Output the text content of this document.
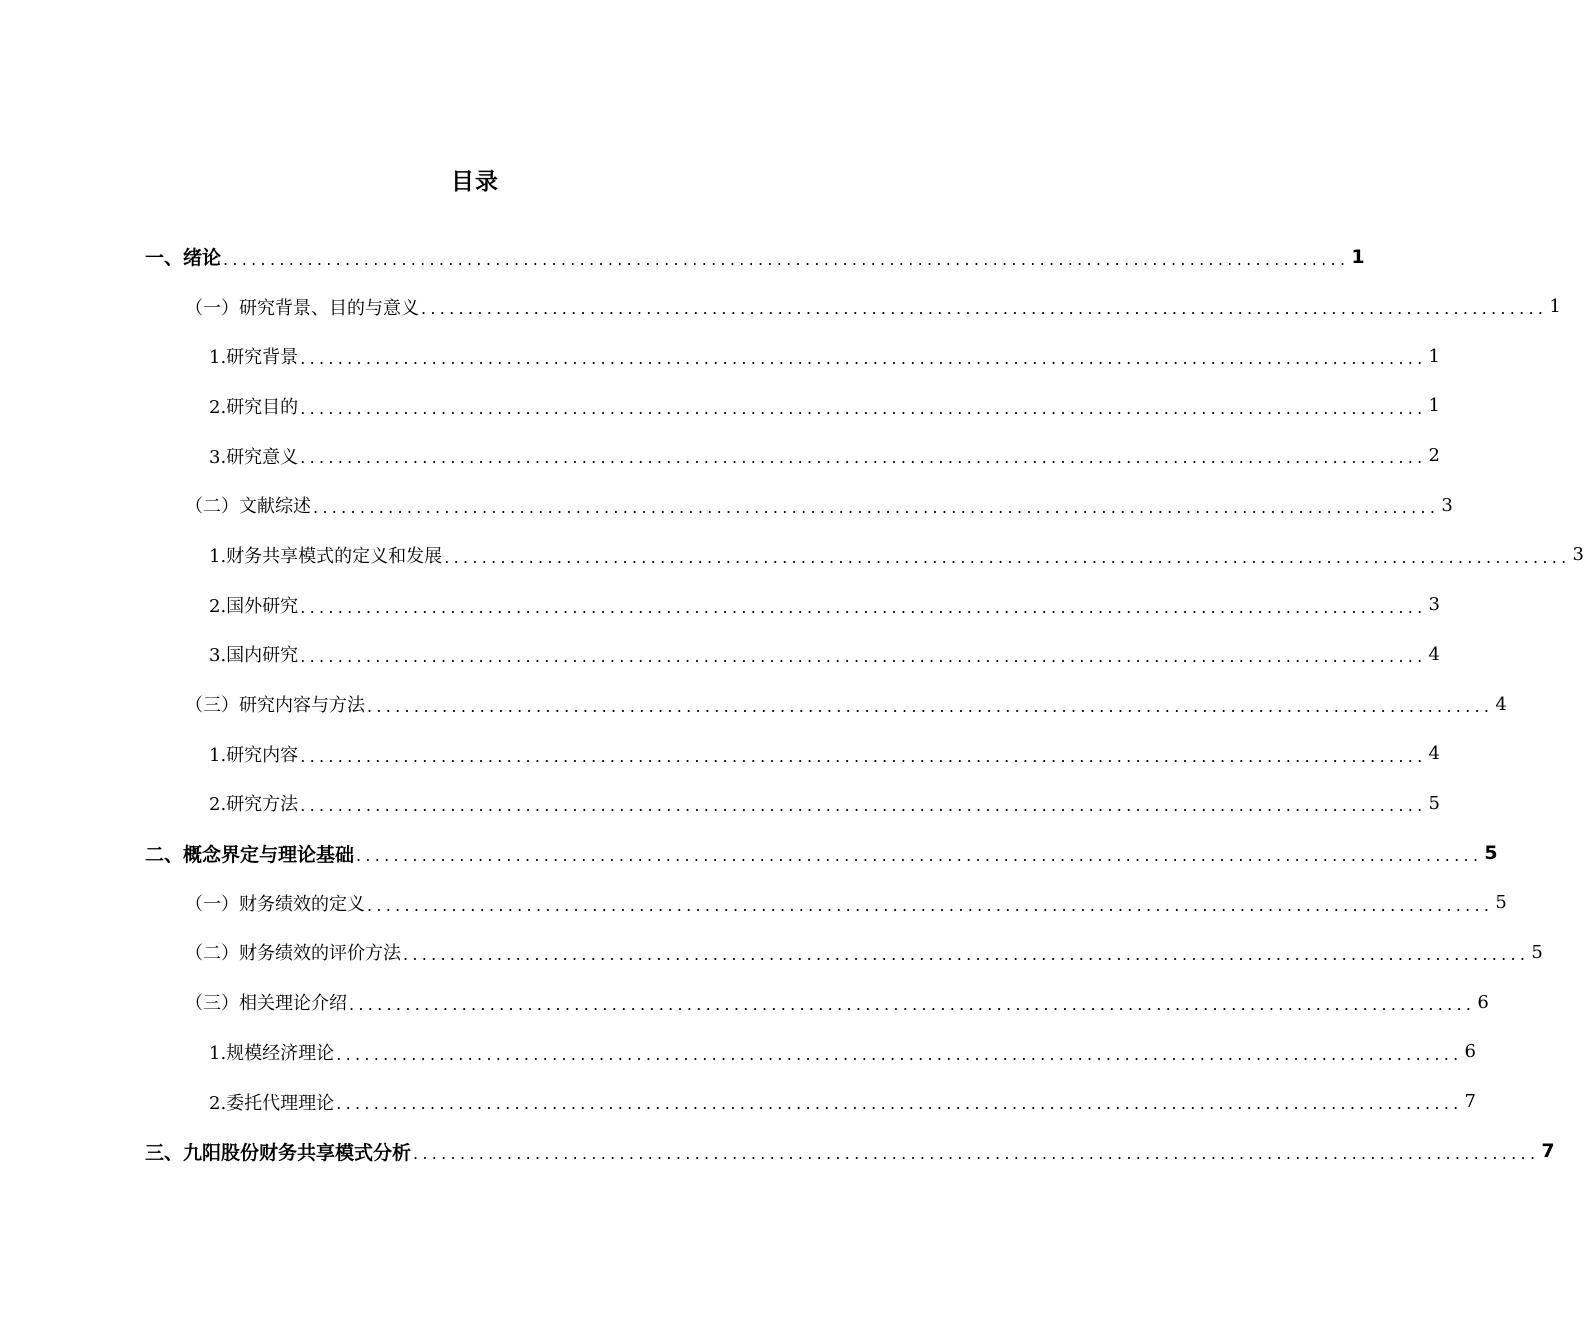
目录
一、绪论 ........................................................................................................................ 1
（一）研究背景、目的与意义 ........................................................................................................................ 1
1.研究背景 ........................................................................................................................ 1
2.研究目的 ........................................................................................................................ 1
3.研究意义 ........................................................................................................................ 2
（二）文献综述 ........................................................................................................................ 3
1.财务共享模式的定义和发展 ........................................................................................................................ 3
2.国外研究 ........................................................................................................................ 3
3.国内研究 ........................................................................................................................ 4
（三）研究内容与方法 ........................................................................................................................ 4
1.研究内容 ........................................................................................................................ 4
2.研究方法 ........................................................................................................................ 5
二、概念界定与理论基础 ........................................................................................................................ 5
（一）财务绩效的定义 ........................................................................................................................ 5
（二）财务绩效的评价方法 ........................................................................................................................ 5
（三）相关理论介绍 ........................................................................................................................ 6
1.规模经济理论 ........................................................................................................................ 6
2.委托代理理论 ........................................................................................................................ 7
三、九阳股份财务共享模式分析 ........................................................................................................................ 7
